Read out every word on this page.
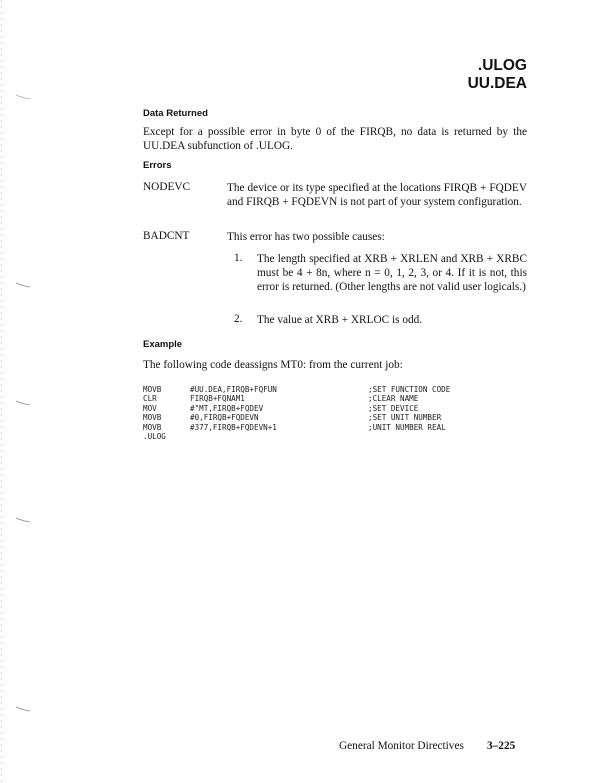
.ULOG
UU.DEA
Data Returned
Except for a possible error in byte 0 of the FIRQB, no data is returned by the UU.DEA subfunction of .ULOG.
Errors
NODEVC	The device or its type specified at the locations FIRQB + FQDEV and FIRQB + FQDEVN is not part of your system configuration.
BADCNT	This error has two possible causes:
1. The length specified at XRB + XRLEN and XRB + XRBC must be 4 + 8n, where n = 0, 1, 2, 3, or 4. If it is not, this error is returned. (Other lengths are not valid user logicals.)
2. The value at XRB + XRLOC is odd.
Example
The following code deassigns MT0: from the current job:
MOVB	#UU.DEA,FIRQB+FQFUN	;SET FUNCTION CODE
CLR	FIRQB+FQNAM1	;CLEAR NAME
MOV	#"MT,FIRQB+FQDEV	;SET DEVICE
MOVB	#0,FIRQB+FQDEVN	;SET UNIT NUMBER
MOVB	#377,FIRQB+FQDEVN+1	;UNIT NUMBER REAL
.ULOG
General Monitor Directives 3–225
